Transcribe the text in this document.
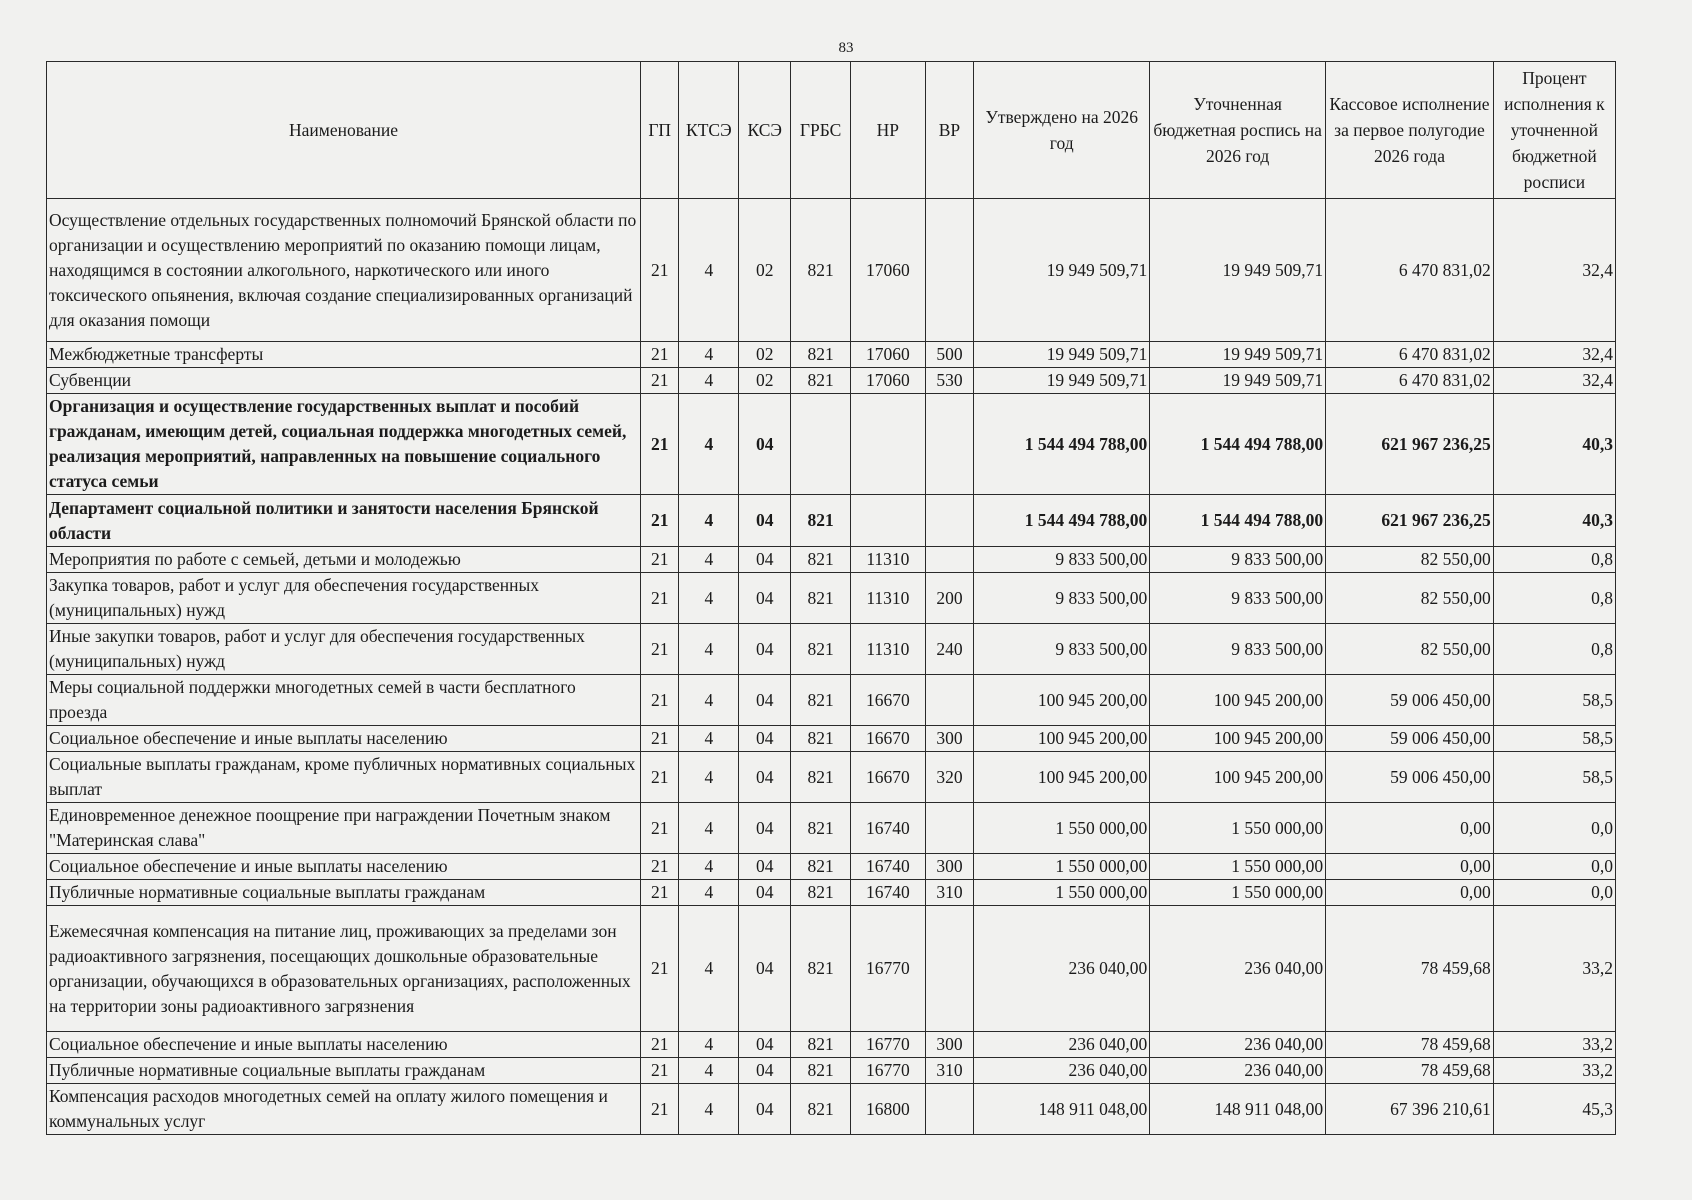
83
Наименование	ГП	КТСЭ	КСЭ	ГРБС	НР	ВР	Утверждено на 2026 год	Уточненная бюджетная роспись на 2026 год	Кассовое исполнение за первое полугодие 2026 года	Процент исполнения к уточненной бюджетной росписи
Осуществление отдельных государственных полномочий Брянской области по организации и осуществлению мероприятий по оказанию помощи лицам, находящимся в состоянии алкогольного, наркотического или иного токсического опьянения, включая создание специализированных организаций для оказания помощи	21	4	02	821	17060		19 949 509,71	19 949 509,71	6 470 831,02	32,4
Межбюджетные трансферты	21	4	02	821	17060	500	19 949 509,71	19 949 509,71	6 470 831,02	32,4
Субвенции	21	4	02	821	17060	530	19 949 509,71	19 949 509,71	6 470 831,02	32,4
Организация и осуществление государственных выплат и пособий гражданам, имеющим детей, социальная поддержка многодетных семей, реализация мероприятий, направленных на повышение социального статуса семьи	21	4	04				1 544 494 788,00	1 544 494 788,00	621 967 236,25	40,3
Департамент социальной политики и занятости населения Брянской области	21	4	04	821			1 544 494 788,00	1 544 494 788,00	621 967 236,25	40,3
Мероприятия по работе с семьей, детьми и молодежью	21	4	04	821	11310		9 833 500,00	9 833 500,00	82 550,00	0,8
Закупка товаров, работ и услуг для обеспечения государственных (муниципальных) нужд	21	4	04	821	11310	200	9 833 500,00	9 833 500,00	82 550,00	0,8
Иные закупки товаров, работ и услуг для обеспечения государственных (муниципальных) нужд	21	4	04	821	11310	240	9 833 500,00	9 833 500,00	82 550,00	0,8
Меры социальной поддержки многодетных семей в части бесплатного проезда	21	4	04	821	16670		100 945 200,00	100 945 200,00	59 006 450,00	58,5
Социальное обеспечение и иные выплаты населению	21	4	04	821	16670	300	100 945 200,00	100 945 200,00	59 006 450,00	58,5
Социальные выплаты гражданам, кроме публичных нормативных социальных выплат	21	4	04	821	16670	320	100 945 200,00	100 945 200,00	59 006 450,00	58,5
Единовременное денежное поощрение при награждении Почетным знаком "Материнская слава"	21	4	04	821	16740		1 550 000,00	1 550 000,00	0,00	0,0
Социальное обеспечение и иные выплаты населению	21	4	04	821	16740	300	1 550 000,00	1 550 000,00	0,00	0,0
Публичные нормативные социальные выплаты гражданам	21	4	04	821	16740	310	1 550 000,00	1 550 000,00	0,00	0,0
Ежемесячная компенсация на питание лиц, проживающих за пределами зон радиоактивного загрязнения, посещающих дошкольные образовательные организации, обучающихся в образовательных организациях, расположенных на территории зоны радиоактивного загрязнения	21	4	04	821	16770		236 040,00	236 040,00	78 459,68	33,2
Социальное обеспечение и иные выплаты населению	21	4	04	821	16770	300	236 040,00	236 040,00	78 459,68	33,2
Публичные нормативные социальные выплаты гражданам	21	4	04	821	16770	310	236 040,00	236 040,00	78 459,68	33,2
Компенсация расходов многодетных семей на оплату жилого помещения и коммунальных услуг	21	4	04	821	16800		148 911 048,00	148 911 048,00	67 396 210,61	45,3
